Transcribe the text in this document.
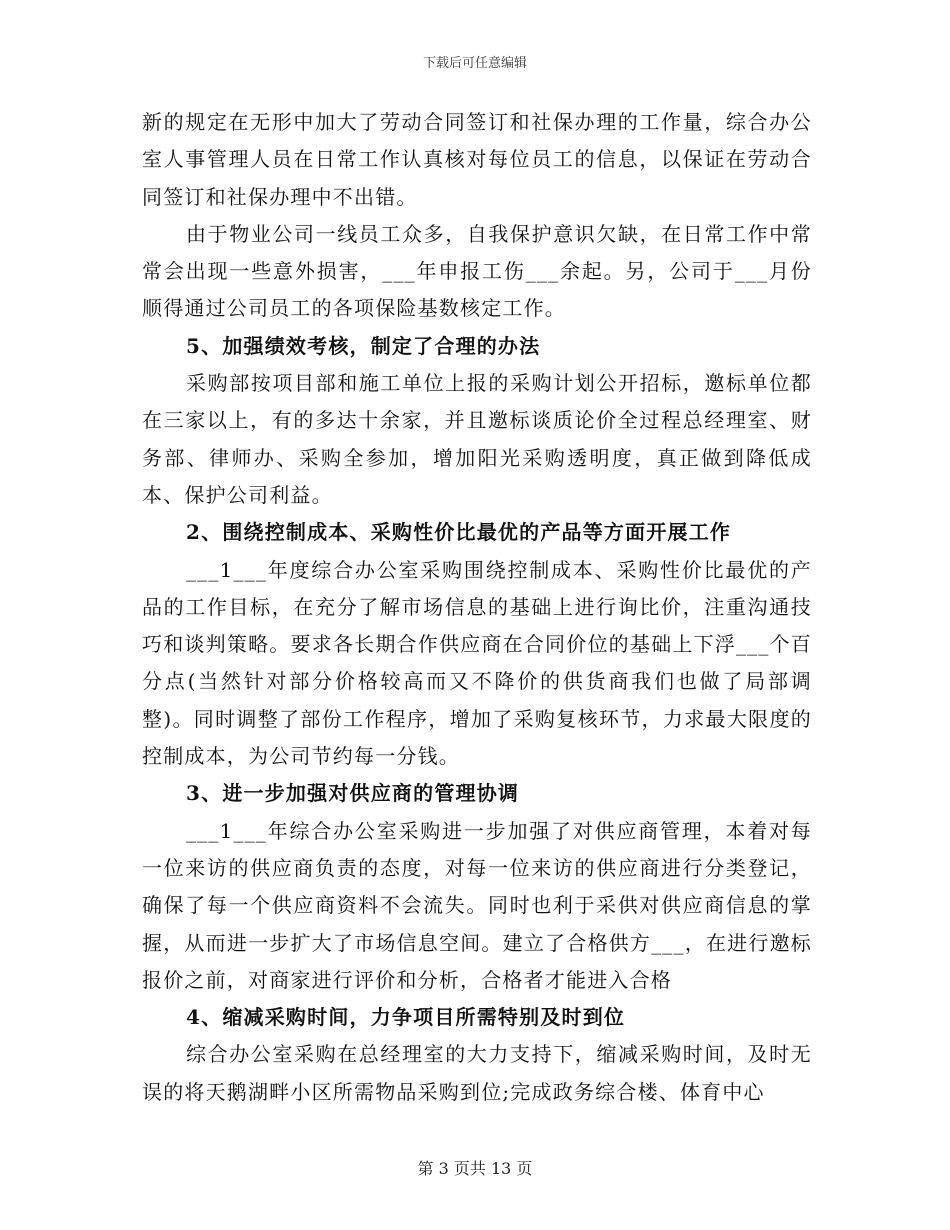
下载后可任意编辑

新的规定在无形中加大了劳动合同签订和社保办理的工作量，综合办公室人事管理人员在日常工作认真核对每位员工的信息，以保证在劳动合同签订和社保办理中不出错。

由于物业公司一线员工众多，自我保护意识欠缺，在日常工作中常常会出现一些意外损害，___年申报工伤___余起。另，公司于___月份顺得通过公司员工的各项保险基数核定工作。

5、加强绩效考核，制定了合理的办法

采购部按项目部和施工单位上报的采购计划公开招标，邀标单位都在三家以上，有的多达十余家，并且邀标谈质论价全过程总经理室、财务部、律师办、采购全参加，增加阳光采购透明度，真正做到降低成本、保护公司利益。

2、围绕控制成本、采购性价比最优的产品等方面开展工作

___1___年度综合办公室采购围绕控制成本、采购性价比最优的产品的工作目标，在充分了解市场信息的基础上进行询比价，注重沟通技巧和谈判策略。要求各长期合作供应商在合同价位的基础上下浮___个百分点(当然针对部分价格较高而又不降价的供货商我们也做了局部调整)。同时调整了部份工作程序，增加了采购复核环节，力求最大限度的控制成本，为公司节约每一分钱。

3、进一步加强对供应商的管理协调

___1___年综合办公室采购进一步加强了对供应商管理，本着对每一位来访的供应商负责的态度，对每一位来访的供应商进行分类登记，确保了每一个供应商资料不会流失。同时也利于采供对供应商信息的掌握，从而进一步扩大了市场信息空间。建立了合格供方___，在进行邀标报价之前，对商家进行评价和分析，合格者才能进入合格

4、缩减采购时间，力争项目所需特别及时到位

综合办公室采购在总经理室的大力支持下，缩减采购时间，及时无误的将天鹅湖畔小区所需物品采购到位;完成政务综合楼、体育中心

第 3 页共 13 页
